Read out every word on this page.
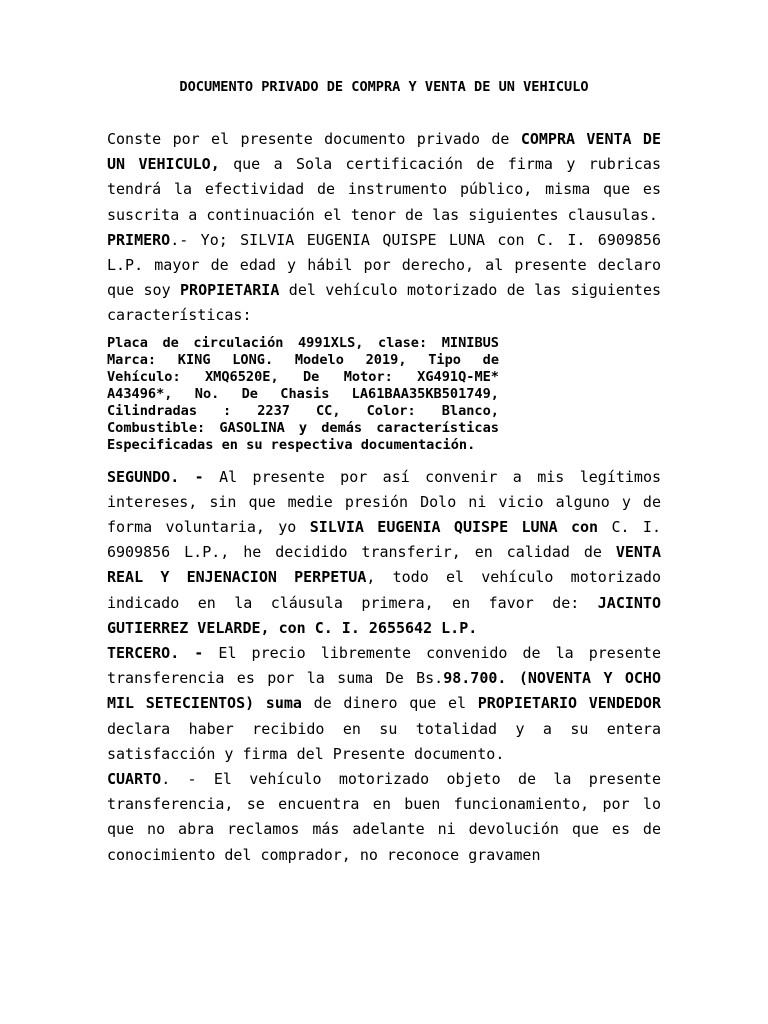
DOCUMENTO PRIVADO DE COMPRA Y VENTA DE UN VEHICULO

Conste por el presente documento privado de COMPRA VENTA DE UN VEHICULO, que a Sola certificación de firma y rubricas tendrá la efectividad de instrumento público, misma que es suscrita a continuación el tenor de las siguientes clausulas.

PRIMERO.- Yo; SILVIA EUGENIA QUISPE LUNA con C. I. 6909856 L.P. mayor de edad y hábil por derecho, al presente declaro que soy PROPIETARIA del vehículo motorizado de las siguientes características:

Placa de circulación 4991XLS, clase: MINIBUS Marca: KING LONG. Modelo 2019, Tipo de Vehículo: XMQ6520E, De Motor: XG491Q-ME* A43496*, No. De Chasis LA61BAA35KB501749, Cilindradas : 2237 CC, Color: Blanco, Combustible: GASOLINA y demás características Especificadas en su respectiva documentación.

SEGUNDO. - Al presente por así convenir a mis legítimos intereses, sin que medie presión Dolo ni vicio alguno y de forma voluntaria, yo SILVIA EUGENIA QUISPE LUNA con C. I. 6909856 L.P., he decidido transferir, en calidad de VENTA REAL Y ENJENACION PERPETUA, todo el vehículo motorizado indicado en la cláusula primera, en favor de: JACINTO GUTIERREZ VELARDE, con C. I. 2655642 L.P.

TERCERO. - El precio libremente convenido de la presente transferencia es por la suma De Bs.98.700. (NOVENTA Y OCHO MIL SETECIENTOS) suma de dinero que el PROPIETARIO VENDEDOR declara haber recibido en su totalidad y a su entera satisfacción y firma del Presente documento.

CUARTO. - El vehículo motorizado objeto de la presente transferencia, se encuentra en buen funcionamiento, por lo que no abra reclamos más adelante ni devolución que es de conocimiento del comprador, no reconoce gravamen
